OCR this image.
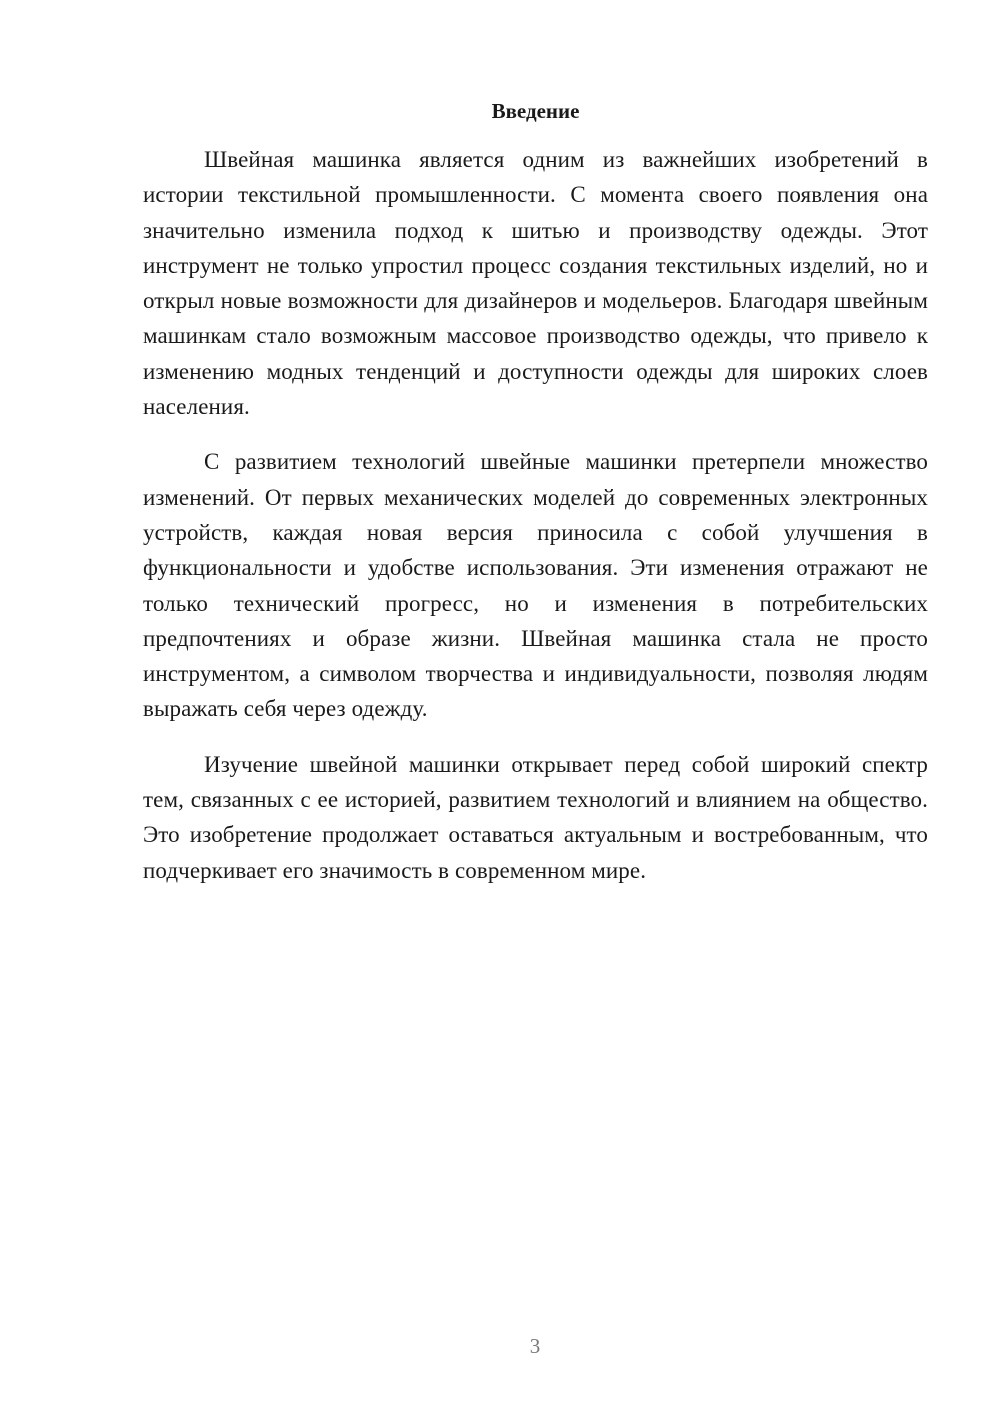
Введение

Швейная машинка является одним из важнейших изобретений в истории текстильной промышленности. С момента своего появления она значительно изменила подход к шитью и производству одежды. Этот инструмент не только упростил процесс создания текстильных изделий, но и открыл новые возможности для дизайнеров и модельеров. Благодаря швейным машинкам стало возможным массовое производство одежды, что привело к изменению модных тенденций и доступности одежды для широких слоев населения.

С развитием технологий швейные машинки претерпели множество изменений. От первых механических моделей до современных электронных устройств, каждая новая версия приносила с собой улучшения в функциональности и удобстве использования. Эти изменения отражают не только технический прогресс, но и изменения в потребительских предпочтениях и образе жизни. Швейная машинка стала не просто инструментом, а символом творчества и индивидуальности, позволяя людям выражать себя через одежду.

Изучение швейной машинки открывает перед собой широкий спектр тем, связанных с ее историей, развитием технологий и влиянием на общество. Это изобретение продолжает оставаться актуальным и востребованным, что подчеркивает его значимость в современном мире.

3
